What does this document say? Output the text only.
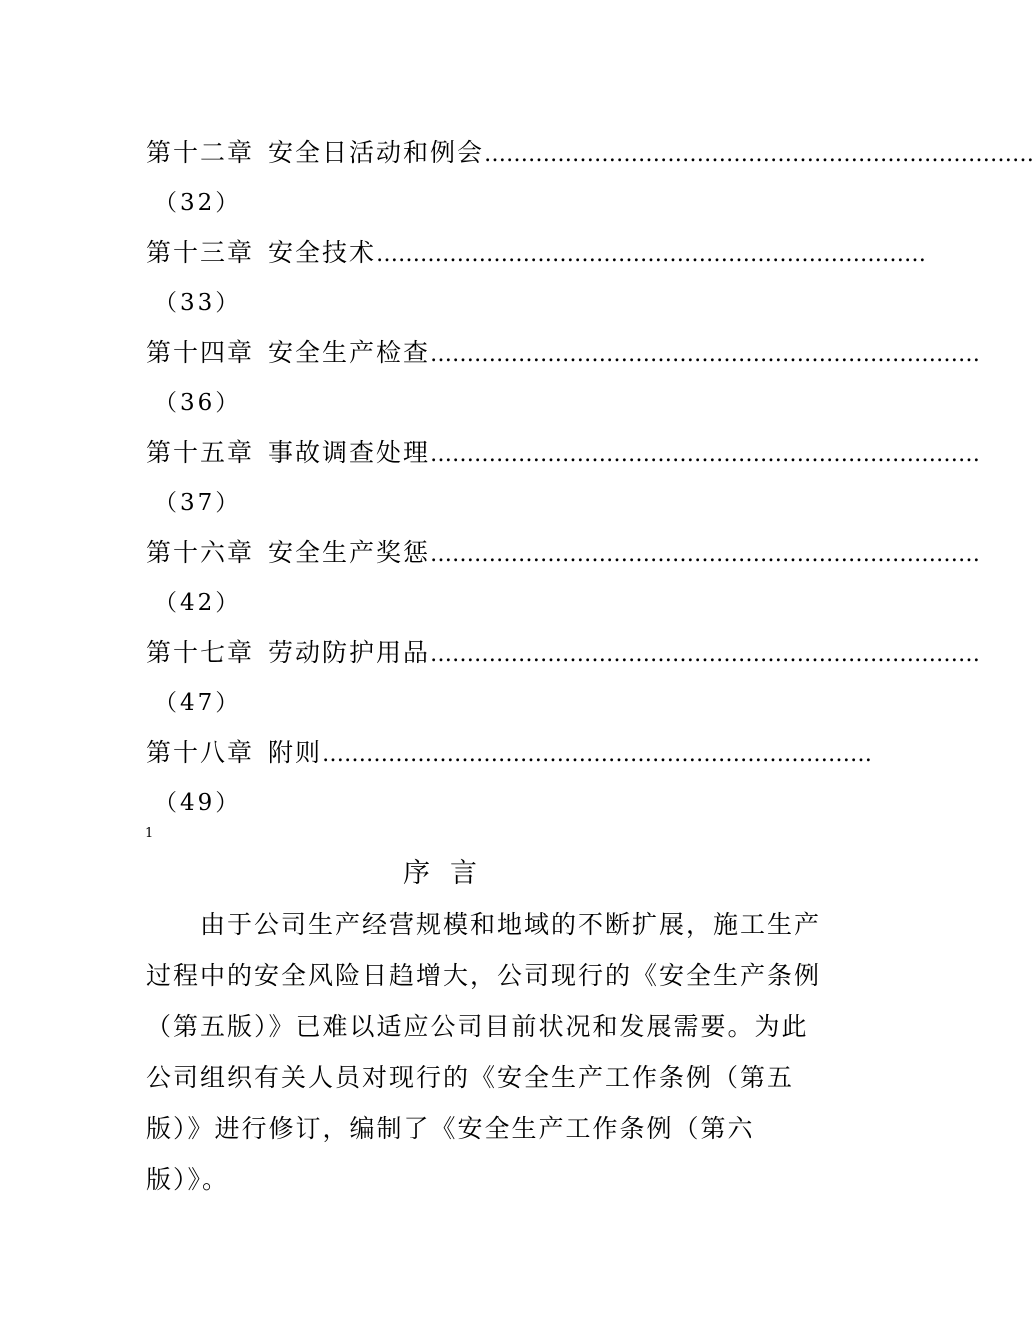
第十二章 安全日活动和例会…………………………………………………………………
（32）
第十三章 安全技术…………………………………………………………………
（33）
第十四章 安全生产检查…………………………………………………………………
（36）
第十五章 事故调查处理…………………………………………………………………
（37）
第十六章 安全生产奖惩…………………………………………………………………
（42）
第十七章 劳动防护用品…………………………………………………………………
（47）
第十八章 附则…………………………………………………………………
（49）
1
序言
　　由于公司生产经营规模和地域的不断扩展，施工生产
过程中的安全风险日趋增大，公司现行的《安全生产条例
（第五版）》已难以适应公司目前状况和发展需要。为此
公司组织有关人员对现行的《安全生产工作条例（第五
版）》进行修订，编制了《安全生产工作条例（第六
版）》。
